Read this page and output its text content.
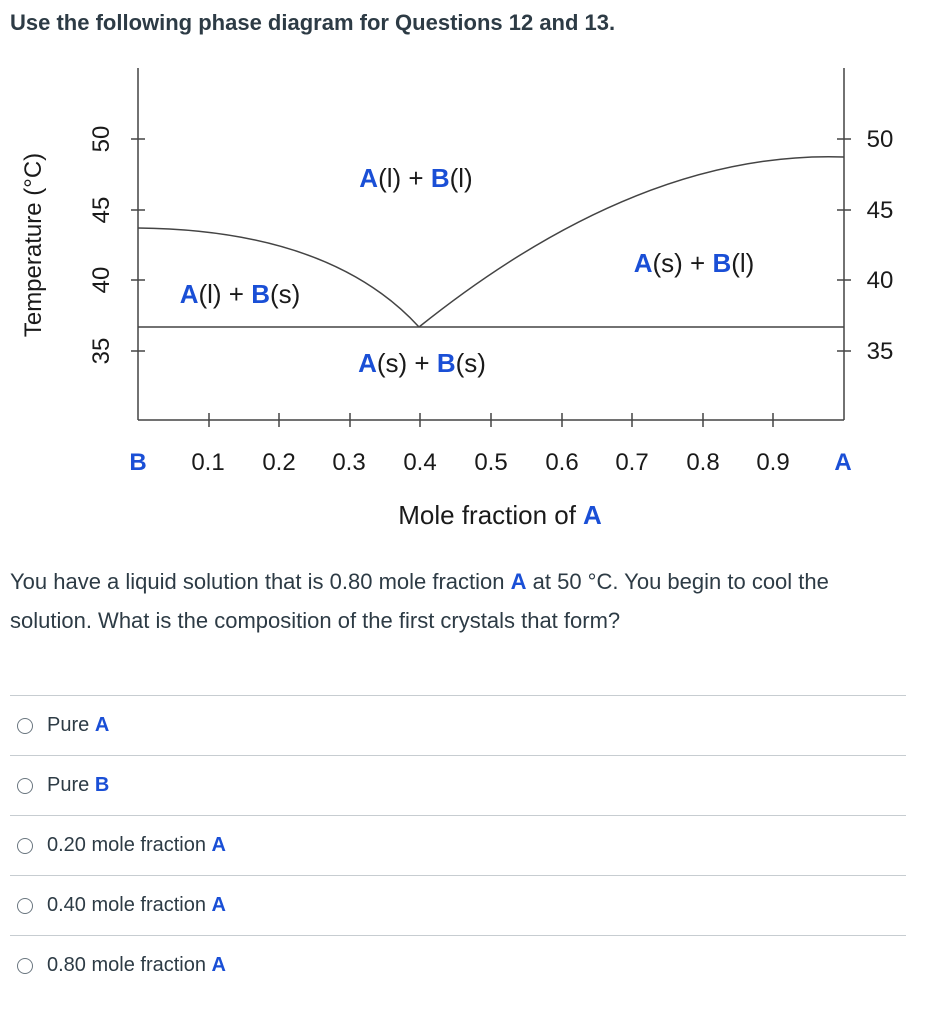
Use the following phase diagram for Questions 12 and 13.
Temperature (°C)
50
45
40
35
50
45
40
35
B 0.1 0.2 0.3 0.4 0.5 0.6 0.7 0.8 0.9 A
Mole fraction of A
A(l) + B(l)
A(l) + B(s)
A(s) + B(l)
A(s) + B(s)
You have a liquid solution that is 0.80 mole fraction A at 50 °C. You begin to cool the solution. What is the composition of the first crystals that form?
Pure A
Pure B
0.20 mole fraction A
0.40 mole fraction A
0.80 mole fraction A
